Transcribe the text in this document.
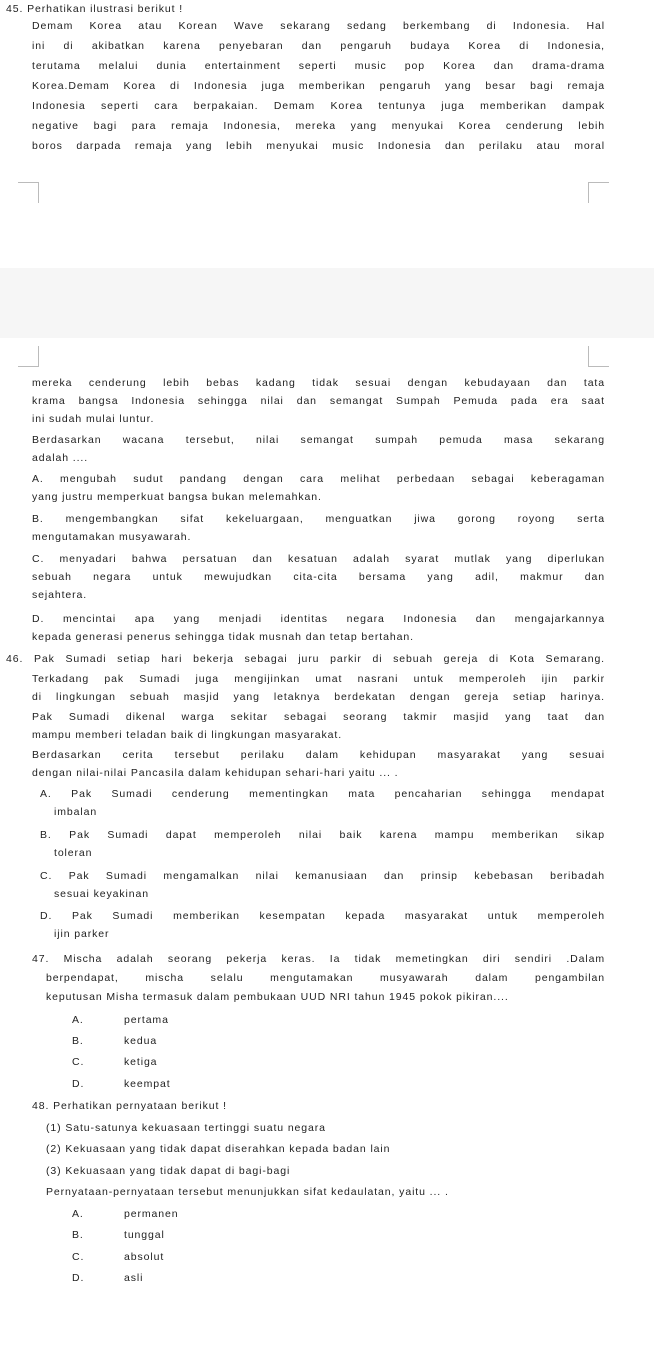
45. Perhatikan ilustrasi berikut !
Demam Korea atau Korean Wave sekarang sedang berkembang di Indonesia. Hal
ini di akibatkan karena penyebaran dan pengaruh budaya Korea di Indonesia,
terutama melalui dunia entertainment seperti music pop Korea dan drama-drama
Korea.Demam Korea di Indonesia juga memberikan pengaruh yang besar bagi remaja
Indonesia seperti cara berpakaian. Demam Korea tentunya juga memberikan dampak
negative bagi para remaja Indonesia, mereka yang menyukai Korea cenderung lebih
boros darpada remaja yang lebih menyukai music Indonesia dan perilaku atau moral
mereka cenderung lebih bebas kadang tidak sesuai dengan kebudayaan dan tata
krama bangsa Indonesia sehingga nilai dan semangat Sumpah Pemuda pada era saat
ini sudah mulai luntur.
Berdasarkan wacana tersebut, nilai semangat sumpah pemuda masa sekarang
adalah ....
A. mengubah sudut pandang dengan cara melihat perbedaan sebagai keberagaman
yang justru memperkuat bangsa bukan melemahkan.
B. mengembangkan sifat kekeluargaan, menguatkan jiwa gorong royong serta
mengutamakan musyawarah.
C. menyadari bahwa persatuan dan kesatuan adalah syarat mutlak yang diperlukan
sebuah negara untuk mewujudkan cita-cita bersama yang adil, makmur dan
sejahtera.
D. mencintai apa yang menjadi identitas negara Indonesia dan mengajarkannya
kepada generasi penerus sehingga tidak musnah dan tetap bertahan.
46. Pak Sumadi setiap hari bekerja sebagai juru parkir di sebuah gereja di Kota Semarang.
Terkadang pak Sumadi juga mengijinkan umat nasrani untuk memperoleh ijin parkir
di lingkungan sebuah masjid yang letaknya berdekatan dengan gereja setiap harinya.
Pak Sumadi dikenal warga sekitar sebagai seorang takmir masjid yang taat dan
mampu memberi teladan baik di lingkungan masyarakat.
Berdasarkan cerita tersebut perilaku dalam kehidupan masyarakat yang sesuai
dengan nilai-nilai Pancasila dalam kehidupan sehari-hari yaitu ... .
A. Pak Sumadi cenderung mementingkan mata pencaharian sehingga mendapat
imbalan
B. Pak Sumadi dapat memperoleh nilai baik karena mampu memberikan sikap
toleran
C. Pak Sumadi mengamalkan nilai kemanusiaan dan prinsip kebebasan beribadah
sesuai keyakinan
D. Pak Sumadi memberikan kesempatan kepada masyarakat untuk memperoleh
ijin parker
47. Mischa adalah seorang pekerja keras. Ia tidak memetingkan diri sendiri .Dalam
berpendapat, mischa selalu mengutamakan musyawarah dalam pengambilan
keputusan Misha termasuk dalam pembukaan UUD NRI tahun 1945 pokok pikiran....
A.	pertama
B.	kedua
C.	ketiga
D.	keempat
48. Perhatikan pernyataan berikut !
(1) Satu-satunya kekuasaan tertinggi suatu negara
(2) Kekuasaan yang tidak dapat diserahkan kepada badan lain
(3) Kekuasaan yang tidak dapat di bagi-bagi
Pernyataan-pernyataan tersebut menunjukkan sifat kedaulatan, yaitu ... .
A.	permanen
B.	tunggal
C.	absolut
D.	asli
